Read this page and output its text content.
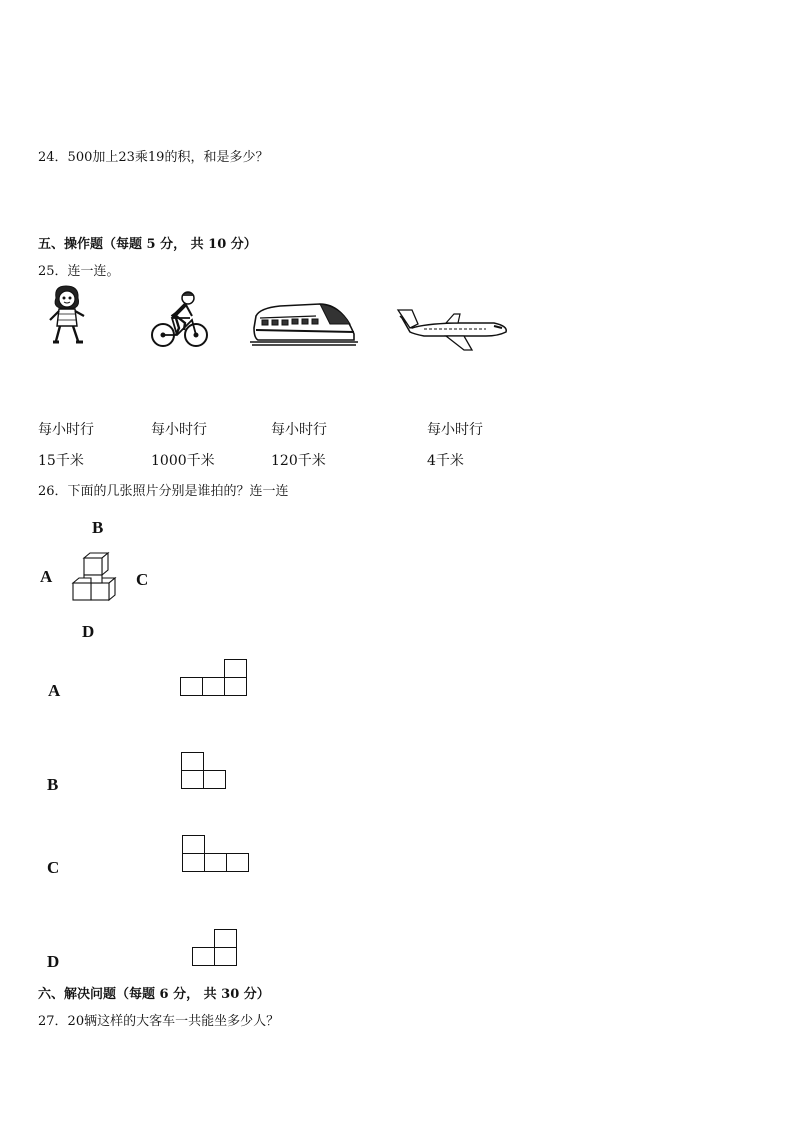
24．500加上23乘19的积，和是多少？
五、操作题（每题 5 分， 共 10 分）
25．连一连。
每小时行
15千米
每小时行
1000千米
每小时行
120千米
每小时行
4千米
26．下面的几张照片分别是谁拍的？连一连
B
A	C
D
A
B
C
D
六、解决问题（每题 6 分， 共 30 分）
27．20辆这样的大客车一共能坐多少人？
